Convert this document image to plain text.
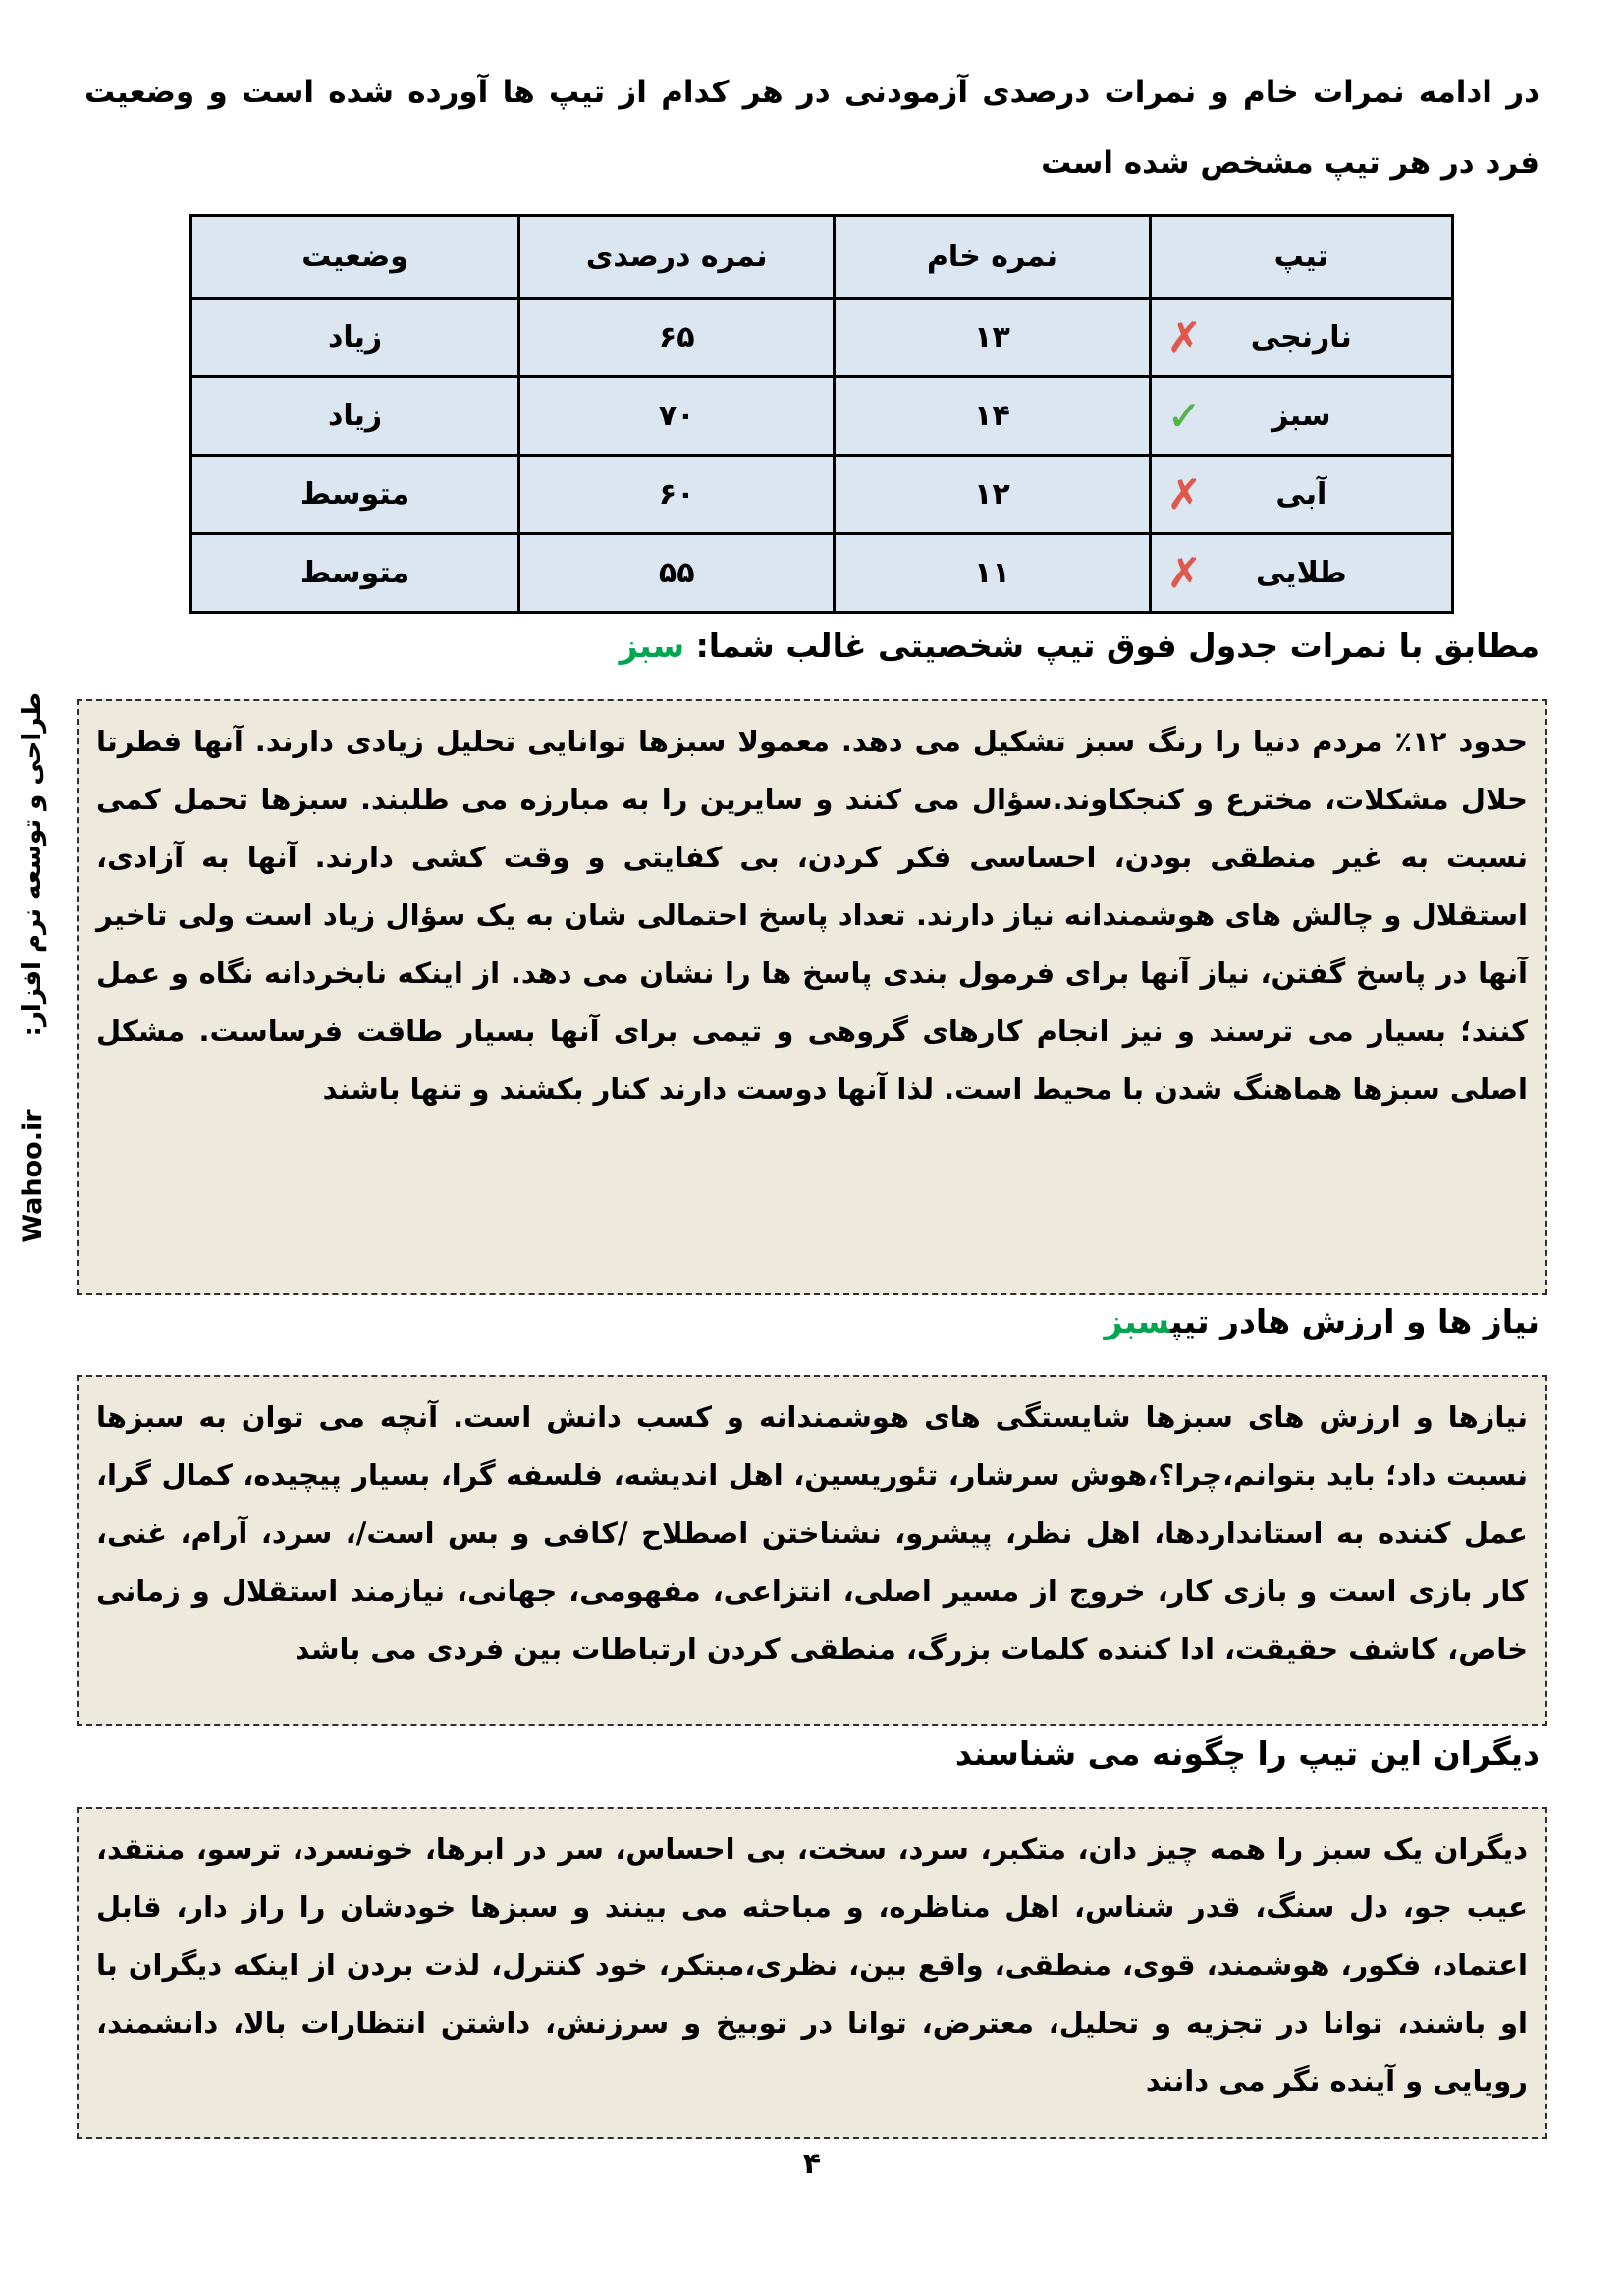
در ادامه نمرات خام و نمرات درصدی آزمودنی در هر کدام از تیپ ها آورده شده است و وضعیت فرد در هر تیپ مشخص شده است

تیپ	نمره خام	نمره درصدی	وضعیت

✗ نارنجی	۱۳	۶۵	زیاد

✓ سبز	۱۴	۷۰	زیاد

✗ آبی	۱۲	۶۰	متوسط

✗ طلایی	۱۱	۵۵	متوسط
مطابق با نمرات جدول فوق تیپ شخصیتی غالب شما: سبز

حدود ۱۲٪ مردم دنیا را رنگ سبز تشکیل می دهد. معمولا سبزها توانایی تحلیل زیادی دارند. آنها فطرتا حلال مشکلات، مخترع و کنجکاوند.سؤال می کنند و سایرین را به مبارزه می طلبند. سبزها تحمل کمی نسبت به غیر منطقی بودن، احساسی فکر کردن، بی کفایتی و وقت کشی دارند. آنها به آزادی، استقلال و چالش های هوشمندانه نیاز دارند. تعداد پاسخ احتمالی شان به یک سؤال زیاد است ولی تاخیر آنها در پاسخ گفتن، نیاز آنها برای فرمول بندی پاسخ ها را نشان می دهد. از اینکه نابخردانه نگاه و عمل کنند؛ بسیار می ترسند و نیز انجام کارهای گروهی و تیمی برای آنها بسیار طاقت فرساست. مشکل اصلی سبزها هماهنگ شدن با محیط است. لذا آنها دوست دارند کنار بکشند و تنها باشند

نیاز ها و ارزش هادر تیپسبز

نیازها و ارزش های سبزها شایستگی های هوشمندانه و کسب دانش است. آنچه می توان به سبزها نسبت داد؛ باید بتوانم،چرا؟،هوش سرشار، تئوریسین، اهل اندیشه، فلسفه گرا، بسیار پیچیده، کمال گرا، عمل کننده به استانداردها، اهل نظر، پیشرو، نشناختن اصطلاح /کافی و بس است/، سرد، آرام، غنی، کار بازی است و بازی کار، خروج از مسیر اصلی، انتزاعی، مفهومی، جهانی، نیازمند استقلال و زمانی خاص، کاشف حقیقت، ادا کننده کلمات بزرگ، منطقی کردن ارتباطات بین فردی می باشد

دیگران این تیپ را چگونه می شناسند

دیگران یک سبز را همه چیز دان، متکبر، سرد، سخت، بی احساس، سر در ابرها، خونسرد، ترسو، منتقد، عیب جو، دل سنگ، قدر شناس، اهل مناظره، و مباحثه می بینند و سبزها خودشان را راز دار، قابل اعتماد، فکور، هوشمند، قوی، منطقی، واقع بین، نظری،مبتکر، خود کنترل، لذت بردن از اینکه دیگران با او باشند، توانا در تجزیه و تحلیل، معترض، توانا در توبیخ و سرزنش، داشتن انتظارات بالا، دانشمند، رویایی و آینده نگر می دانند

طراحی و توسعه نرم افزار:
Wahoo.ir
۴
